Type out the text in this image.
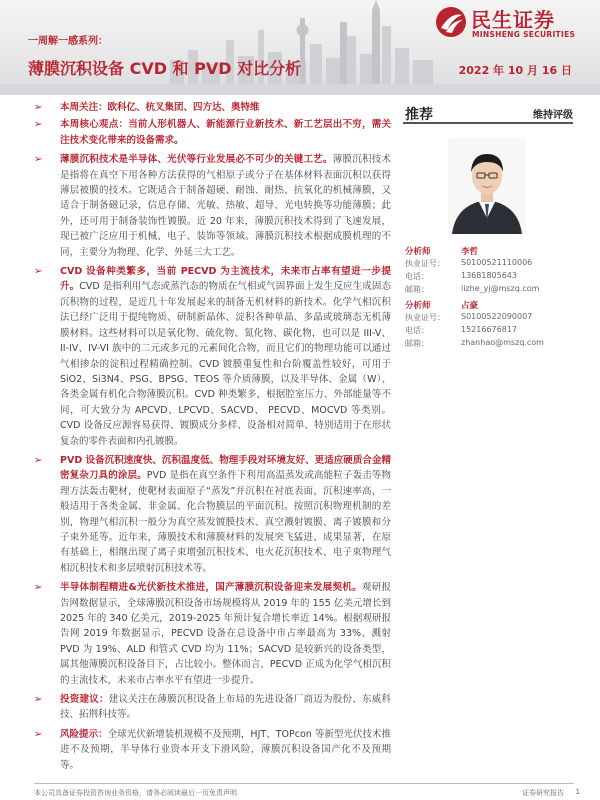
民生证券
MINSHENG SECURITIES
一周解一感系列：
薄膜沉积设备 CVD 和 PVD 对比分析	2022 年 10 月 16 日
➢ 本周关注：欧科亿、杭叉集团、四方达、奥特维
➢ 本周核心观点：当前人形机器人、新能源行业新技术、新工艺层出不穷，需关注技术变化带来的设备需求。
➢ 薄膜沉积技术是半导体、光伏等行业发展必不可少的关键工艺。薄膜沉积技术是指将在真空下用各种方法获得的气相原子或分子在基体材料表面沉积以获得薄层被膜的技术。它既适合于制备超硬、耐蚀、耐热、抗氧化的机械薄膜，又适合于制备磁记录，信息存储、光敏、热敏、超导、光电转换等功能薄膜；此外，还可用于制备装饰性镀膜。近 20 年来，薄膜沉积技术得到了飞速发展，现已被广泛应用于机械、电子、装饰等领域。薄膜沉积技术根据成膜机理的不同，主要分为物理、化学、外延三大工艺。
➢ CVD 设备种类繁多，当前 PECVD 为主流技术，未来市占率有望进一步提升。CVD 是指利用气态或蒸汽态的物质在气相或气固界面上发生反应生成固态沉积物的过程，是近几十年发展起来的制备无机材料的新技术。化学气相沉积法已经广泛用于提纯物质、研制新晶体、淀积各种单晶、多晶或玻璃态无机薄膜材料。这些材料可以是氧化物、硫化物、氮化物、碳化物，也可以是 III-V、II-IV、IV-VI 族中的二元或多元的元素间化合物，而且它们的物理功能可以通过气相掺杂的淀积过程精确控制。CVD 镀膜重复性和台阶覆盖性较好，可用于 SiO2、Si3N4、PSG、BPSG、TEOS 等介质薄膜，以及半导体、金属（W）、各类金属有机化合物薄膜沉积。CVD 种类繁多，根据腔室压力、外部能量等不同，可大致分为 APCVD、LPCVD、SACVD、 PECVD、MOCVD 等类别。CVD 设备反应源容易获得、镀膜成分多样、设备相对简单、特别适用于在形状复杂的零件表面和内孔镀膜。
➢ PVD 设备沉积速度快、沉积温度低、物理手段对环境友好、更适应硬质合金精密复杂刀具的涂层。PVD 是指在真空条件下利用高温蒸发或高能粒子轰击等物理方法轰击靶材，使靶材表面原子“蒸发”并沉积在衬底表面，沉积速率高，一般适用于各类金属、非金属、化合物膜层的平面沉积。按照沉积物理机制的差别，物理气相沉积一般分为真空蒸发镀膜技术、真空溅射镀膜、离子镀膜和分子束外延等。近年来，薄膜技术和薄膜材料的发展突飞猛进、成果显著，在原有基础上，相继出现了离子束增强沉积技术、电火花沉积技术、电子束物理气相沉积技术和多层喷射沉积技术等。
➢ 半导体制程精进&光伏新技术推进，国产薄膜沉积设备迎来发展契机。观研报告网数据显示，全球薄膜沉积设备市场规模将从 2019 年的 155 亿美元增长到 2025 年的 340 亿美元，2019-2025 年预计复合增长率近 14%。根据观研报告网 2019 年数据显示，PECVD 设备在总设备中市占率最高为 33%、溅射 PVD 为 19%、ALD 和管式 CVD 均为 11%；SACVD 是较新兴的设备类型，属其他薄膜沉积设备目下，占比较小。整体而言，PECVD 正成为化学气相沉积的主流技术，未来市占率水平有望进一步提升。
➢ 投资建议：建议关注在薄膜沉积设备上布局的先进设备厂商迈为股份、东威科技、拓荆科技等。
➢ 风险提示：全球光伏新增装机规模不及预期，HJT、TOPcon 等新型光伏技术推进不及预期，半导体行业资本开支下滑风险，薄膜沉积设备国产化不及预期等。
推荐	维持评级
分析师	李哲
执业证号： S0100521110006
电话：	13681805643
邮箱：	lizhe_yj@mszq.com
分析师	占豪
执业证号： S0100522090007
电话：	15216676817
邮箱：	zhanhao@mszq.com
本公司具备证券投资咨询业务资格，请务必阅读最后一页免责声明	证券研究报告 1
